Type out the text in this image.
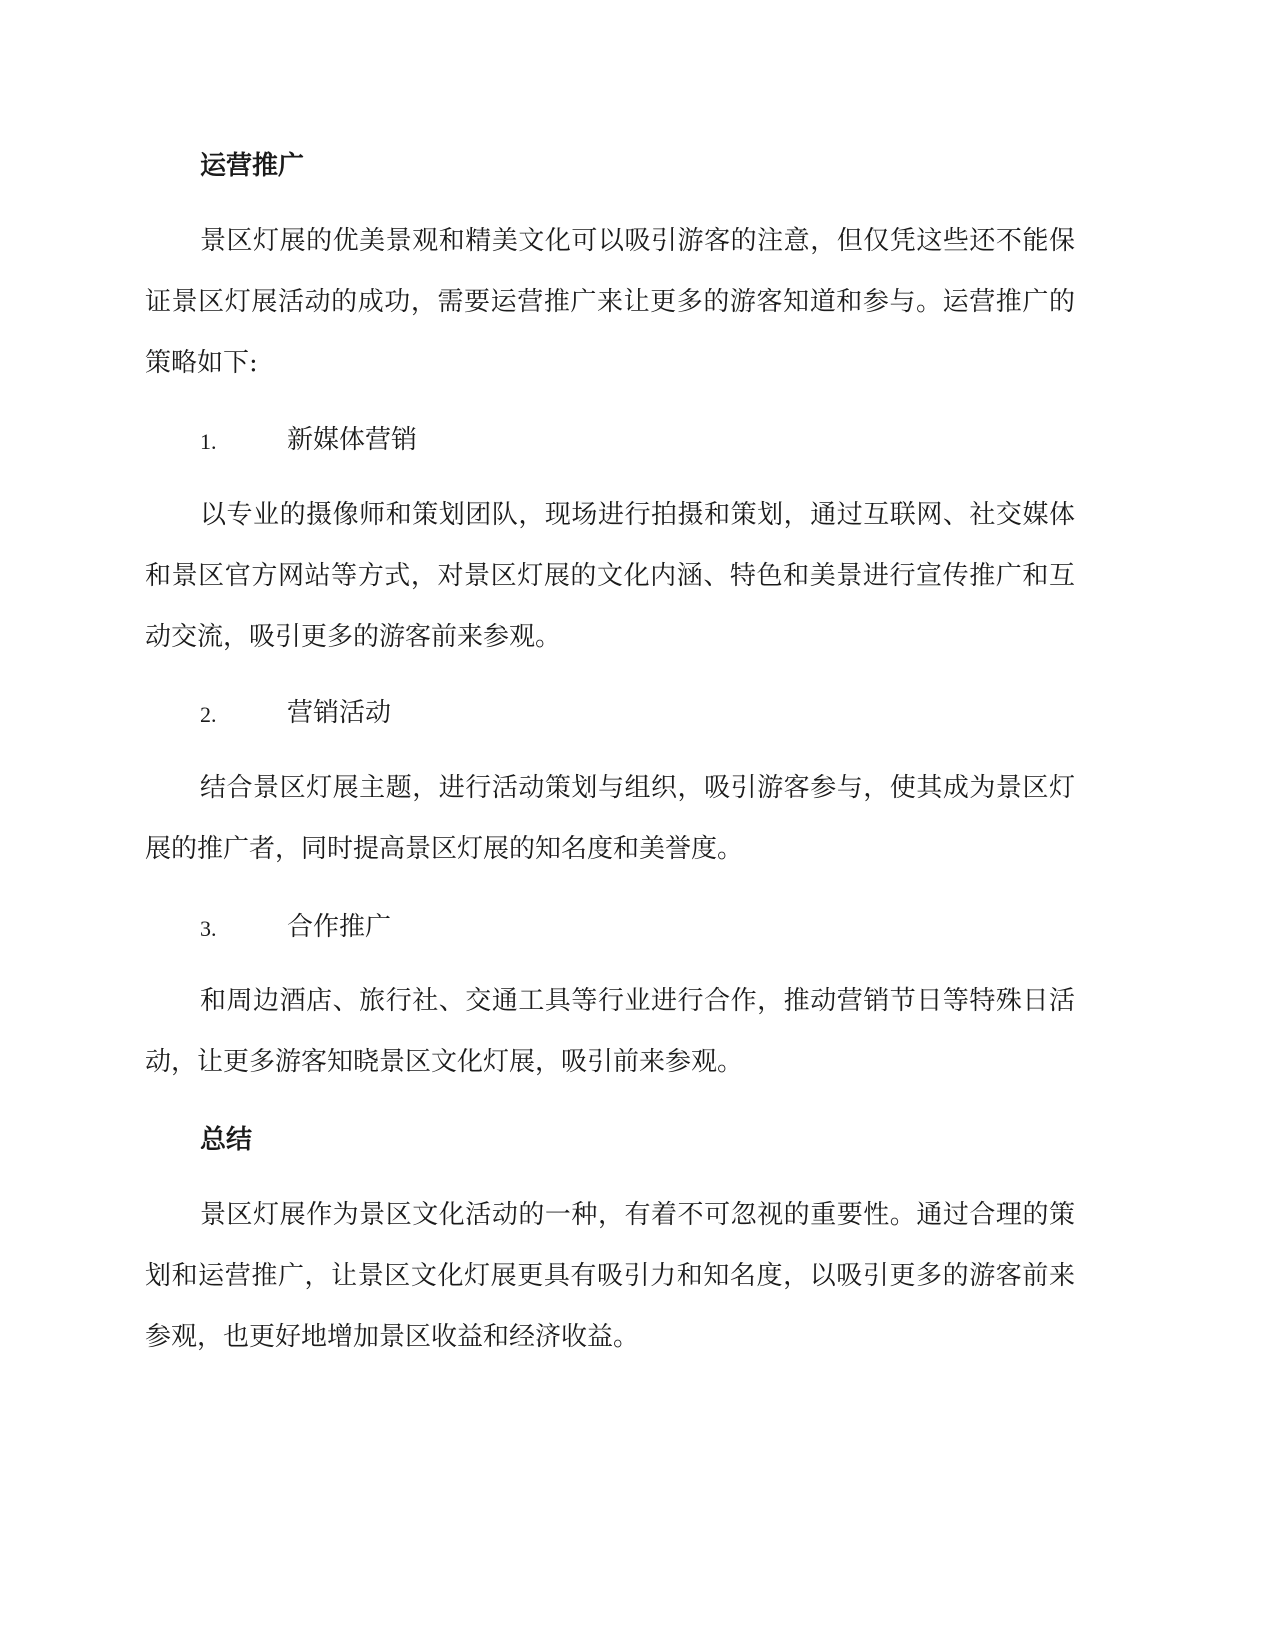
运营推广

景区灯展的优美景观和精美文化可以吸引游客的注意，但仅凭这些还不能保证景区灯展活动的成功，需要运营推广来让更多的游客知道和参与。运营推广的策略如下:

1.	新媒体营销

以专业的摄像师和策划团队，现场进行拍摄和策划，通过互联网、社交媒体和景区官方网站等方式，对景区灯展的文化内涵、特色和美景进行宣传推广和互动交流，吸引更多的游客前来参观。

2.	营销活动

结合景区灯展主题，进行活动策划与组织，吸引游客参与，使其成为景区灯展的推广者，同时提高景区灯展的知名度和美誉度。

3.	合作推广

和周边酒店、旅行社、交通工具等行业进行合作，推动营销节日等特殊日活动，让更多游客知晓景区文化灯展，吸引前来参观。

总结

景区灯展作为景区文化活动的一种，有着不可忽视的重要性。通过合理的策划和运营推广，让景区文化灯展更具有吸引力和知名度，以吸引更多的游客前来参观，也更好地增加景区收益和经济收益。
